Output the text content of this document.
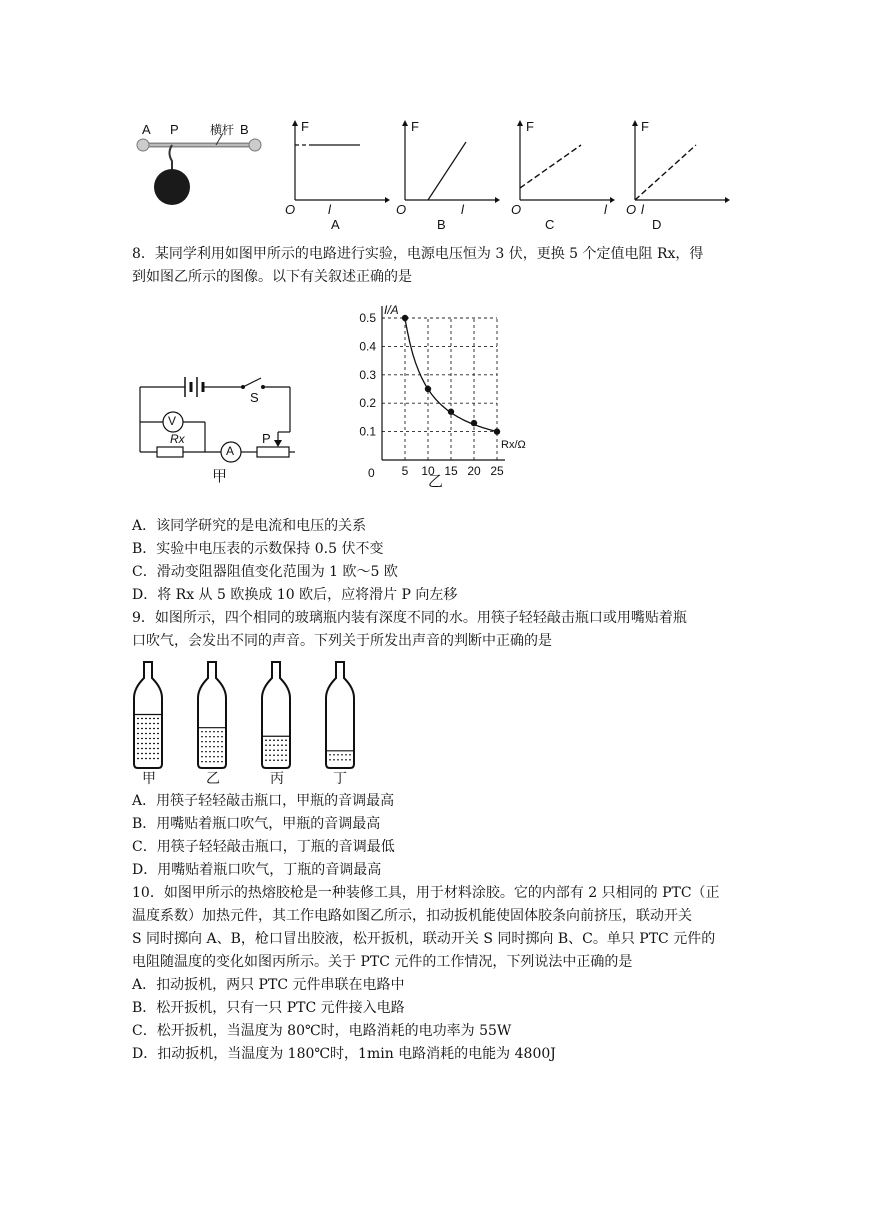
A P	横杆 B	F	F	F	F
O	O	O	O
l	l	l	l
A	B	C	D
8．某同学利用如图甲所示的电路进行实验，电源电压恒为 3 伏，更换 5 个定值电阻 Rx，得
到如图乙所示的图像。以下有关叙述正确的是
V
A
Rx
S
P
甲	5 10 15 20 25
0.1
0.2
0.3
0.4
0.5
0
I/A
Rx/Ω
乙
A．该同学研究的是电流和电压的关系
B．实验中电压表的示数保持 0.5 伏不变
C．滑动变阻器阻值变化范围为 1 欧～5 欧
D．将 Rx 从 5 欧换成 10 欧后，应将滑片 P 向左移
9．如图所示，四个相同的玻璃瓶内装有深度不同的水。用筷子轻轻敲击瓶口或用嘴贴着瓶
口吹气，会发出不同的声音。下列关于所发出声音的判断中正确的是
甲	乙	丙	丁
A．用筷子轻轻敲击瓶口，甲瓶的音调最高
B．用嘴贴着瓶口吹气，甲瓶的音调最高
C．用筷子轻轻敲击瓶口，丁瓶的音调最低
D．用嘴贴着瓶口吹气，丁瓶的音调最高
10．如图甲所示的热熔胶枪是一种装修工具，用于材料涂胶。它的内部有 2 只相同的 PTC（正
温度系数）加热元件，其工作电路如图乙所示，扣动扳机能使固体胶条向前挤压，联动开关
S 同时掷向 A、B，枪口冒出胶液，松开扳机，联动开关 S 同时掷向 B、C。单只 PTC 元件的
电阻随温度的变化如图丙所示。关于 PTC 元件的工作情况，下列说法中正确的是
A．扣动扳机，两只 PTC 元件串联在电路中
B．松开扳机，只有一只 PTC 元件接入电路
C．松开扳机，当温度为 80℃时，电路消耗的电功率为 55W
D．扣动扳机，当温度为 180℃时，1min 电路消耗的电能为 4800J
